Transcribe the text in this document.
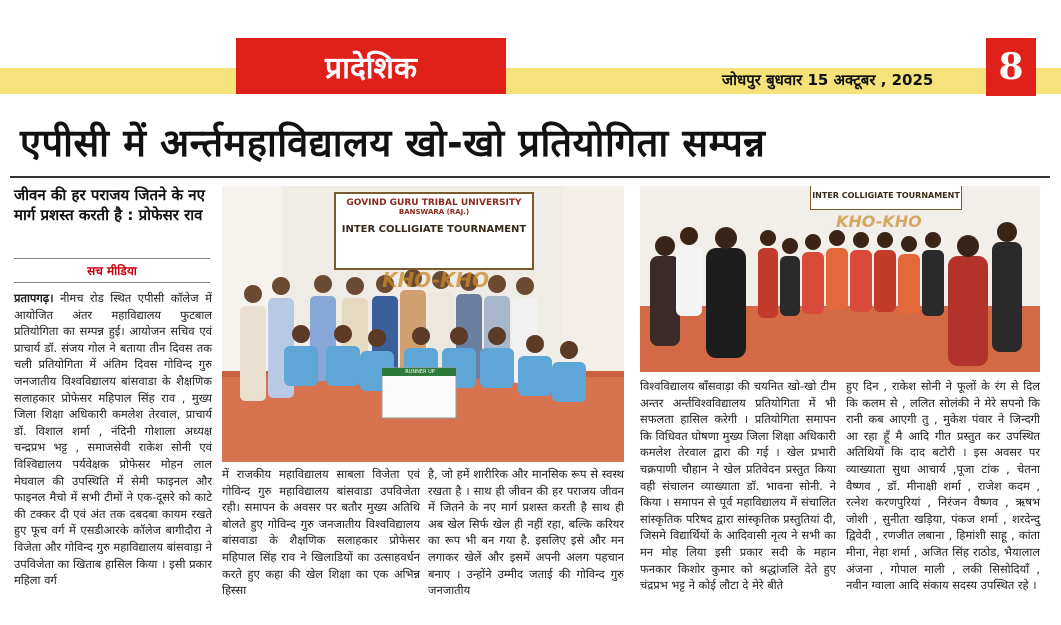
प्रादेशिक	जोधपुर बुधवार 15 अक्टूबर , 2025	8
एपीसी में अर्न्तमहाविद्यालय खो-खो प्रतियोगिता सम्पन्न
जीवन की हर पराजय जितने के नए मार्ग प्रशस्त करती है : प्रोफेसर राव
सच मीडिया

प्रतापगढ़। नीमच रोड स्थित एपीसी कॉलेज में आयोजित अंतर महाविद्यालय फुटबाल प्रतियोगिता का सम्पन्न हुई। आयोजन सचिव एवं प्राचार्य डॉ. संजय गोल ने बताया तीन दिवस तक चली प्रतियोगिता में अंतिम दिवस गोविन्द गुरु जनजातीय विश्वविद्यालय बांसवाडा के शैक्षणिक सलाहकार प्रोफेसर महिपाल सिंह राव , मुख्य जिला शिक्षा अधिकारी कमलेश तेरवाल, प्राचार्य डॉ. विशाल शर्मा , नंदिनी गोशाला अध्यक्ष चन्द्रप्रभ भट्ट , समाजसेवी राकेश सोनी एवं विश्विद्यालय पर्यवेक्षक प्रोफेसर मोहन लाल मेघवाल की उपस्थिति में सेमी फाइनल और फाइनल मैचो में सभी टीमों ने एक-दूसरे को काटे की टक्कर दी एवं अंत तक दबदबा कायम रखते हुए फूच वर्ग में एसडीआरके कॉलेज बागीदौरा ने विजेता और गोविन्द गुरु महाविद्यालय बांसवाड़ा ने उपविजेता का खिताब हासिल किया । इसी प्रकार महिला वर्ग

GOVIND GURU TRIBAL UNIVERSITY
BANSWARA (RAJ.)
INTER COLLIGIATE TOURNAMENT
KHO-KHO
RUNNER UP
INTER COLLIGIATE TOURNAMENT
KHO-KHO

में राजकीय महाविद्यालय साबला विजेता एवं गोविन्द गुरु महाविद्यालय बांसवाडा उपविजेता रही। समापन के अवसर पर बतौर मुख्य अतिथि बोलते हुए गोविन्द गुरु जनजातीय विश्वविद्यालय बांसवाडा के शैक्षणिक सलाहकार प्रोफेसर महिपाल सिंह राव ने खिलाडियों का उत्साहवर्धन करते हुए कहा की खेल शिक्षा का एक अभिन्न हिस्सा

है, जो हमें शारीरिक और मानसिक रूप से स्वस्थ रखता है । साथ ही जीवन की हर पराजय जीवन में जितने के नए मार्ग प्रशस्त करती है साथ ही अब खेल सिर्फ खेल ही नहीं रहा, बल्कि करियर का रूप भी बन गया है. इसलिए इसे और मन लगाकर खेलें और इसमें अपनी अलग पहचान बनाए । उन्होंने उम्मीद जताई की गोविन्द गुरु जनजातीय

विश्वविद्यालय बाँसवाड़ा की चयनित खो-खो टीम अन्तर अर्न्तविश्वविद्यालय प्रतियोगिता में भी सफलता हासिल करेगी । प्रतियोगिता समापन कि विधिवत घोषणा मुख्य जिला शिक्षा अधिकारी कमलेश तेरवाल द्वारा की गई । खेल प्रभारी चक्रपाणी चौहान ने खेल प्रतिवेदन प्रस्तुत किया वही संचालन व्याख्याता डॉ. भावना सोनी. ने किया । समापन से पूर्व महाविद्यालय में संचालित सांस्कृतिक परिषद द्वारा सांस्कृतिक प्रस्तुतियां दी, जिसमे विद्यार्थियों के आदिवासी नृत्य ने सभी का मन मोह लिया इसी प्रकार सदी के महान फनकार किशोर कुमार को श्रद्धांजलि देते हुए चंद्रप्रभ भट्ट ने कोई लौटा दे मेरे बीते

हुए दिन , राकेश सोनी ने फूलों के रंग से दिल कि कलम से , ललित सोलंकी ने मेरे सपनो कि रानी कब आएगी तु , मुकेश पंवार ने जिन्दगी आ रहा हूँ मै आदि गीत प्रस्तुत कर उपस्थित अतिथियों कि दाद बटोरी । इस अवसर पर व्याख्याता सुधा आचार्य ,पूजा टांक , चेतना वैष्णव , डॉ. मीनाक्षी शर्मा , राजेश कदम , रत्नेश करणपुरियां , निरंजन वैष्णव , ऋषभ जोशी , सुनीता खड़िया, पंकज शर्मा , शरदेन्दु द्विवेदी , रणजीत लबाना , हिमांशी साहू , कांता मीना, नेहा शर्मा , अजित सिंह राठोड, भैयालाल अंजना , गोपाल माली , लकी सिसोदियाँ , नवीन ग्वाला आदि संकाय सदस्य उपस्थित रहे ।
